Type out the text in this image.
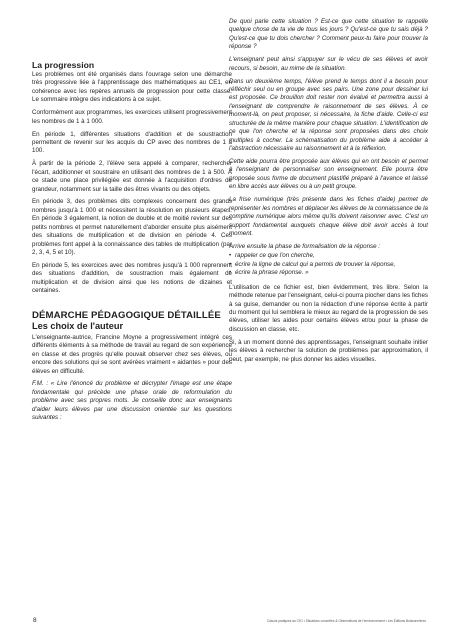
La progression

Les problèmes ont été organisés dans l'ouvrage selon une démarche très progressive liée à l'apprentissage des mathématiques au CE1, en cohérence avec les repères annuels de progression pour cette classe. Le sommaire intègre des indications à ce sujet.

Conformément aux programmes, les exercices utilisent progressivement les nombres de 1 à 1 000.

En période 1, différentes situations d'addition et de soustraction permettent de revenir sur les acquis du CP avec des nombres de 1 à 100.

À partir de la période 2, l'élève sera appelé à comparer, rechercher l'écart, additionner et soustraire en utilisant des nombres de 1 à 500. À ce stade une place privilégiée est donnée à l'acquisition d'ordres de grandeur, notamment sur la taille des êtres vivants ou des objets.

En période 3, des problèmes dits complexes concernent des grands nombres jusqu'à 1 000 et nécessitent la résolution en plusieurs étapes. En période 3 également, la notion de double et de moitié revient sur des petits nombres et permet naturellement d'aborder ensuite plus aisément des situations de multiplication et de division en période 4. Ces problèmes font appel à la connaissance des tables de multiplication (par 2, 3, 4, 5 et 10).

En période 5, les exercices avec des nombres jusqu'à 1 000 reprennent des situations d'addition, de soustraction mais également de multiplication et de division ainsi que les notions de dizaines et centaines.

DÉMARCHE PÉDAGOGIQUE DÉTAILLÉE
Les choix de l'auteur

L'enseignante-autrice, Francine Moyne a progressivement intégré ces différents éléments à sa méthode de travail au regard de son expérience en classe et des progrès qu'elle pouvait observer chez ses élèves, ou encore des solutions qui se sont avérées vraiment « aidantes » pour des élèves en difficulté.

F.M. : « Lire l'énoncé du problème et décrypter l'image est une étape fondamentale qui précède une phase orale de reformulation du problème avec ses propres mots. Je conseille donc aux enseignants d'aider leurs élèves par une discussion orientée sur les questions suivantes :

De quoi parle cette situation ? Est-ce que cette situation te rappelle quelque chose de ta vie de tous les jours ? Qu'est-ce que tu sais déjà ? Qu'est-ce que tu dois chercher ? Comment peux-tu faire pour trouver la réponse ?

L'enseignant peut ainsi s'appuyer sur le vécu de ses élèves et avoir recours, si besoin, au mime de la situation.

Dans un deuxième temps, l'élève prend le temps dont il a besoin pour réfléchir seul ou en groupe avec ses pairs. Une zone pour dessiner lui est proposée. Ce brouillon doit rester non évalué et permettra aussi à l'enseignant de comprendre le raisonnement de ses élèves. À ce moment-là, on peut proposer, si nécessaire, la fiche d'aide. Celle-ci est structurée de la même manière pour chaque situation. L'identification de ce que l'on cherche et la réponse sont proposées dans des choix multiples à cocher. La schématisation du problème aide à accéder à l'abstraction nécessaire au raisonnement et à la réflexion.

Cette aide pourra être proposée aux élèves qui en ont besoin et permet à l'enseignant de personnaliser son enseignement. Elle pourra être proposée sous forme de document plastifié préparé à l'avance et laissé en libre accès aux élèves ou à un petit groupe.

La frise numérique (très présente dans les fiches d'aide) permet de représenter les nombres et déplacer les élèves de la connaissance de la comptine numérique alors même qu'ils doivent raisonner avec. C'est un support fondamental auxquels chaque élève doit avoir accès à tout moment.

Arrive ensuite la phase de formalisation de la réponse :

• rappeler ce que l'on cherche,
• écrire la ligne de calcul qui a permis de trouver la réponse,
• écrire la phrase réponse. »

L'utilisation de ce fichier est, bien évidemment, très libre. Selon la méthode retenue par l'enseignant, celui-ci pourra piocher dans les fiches à sa guise, demander ou non la rédaction d'une réponse écrite à partir du moment qui lui semblera le mieux au regard de la progression de ses élèves, utiliser les aides pour certains élèves et/ou pour la phase de discussion en classe, etc.

Si, à un moment donné des apprentissages, l'enseignant souhaite initier les élèves à rechercher la solution de problèmes par approximation, il peut, par exemple, ne plus donner les aides visuelles.

8	Calculs pratiques au CE1 • Situations concrètes & Observations de l'environnement • Les Éditions Buissonnières
